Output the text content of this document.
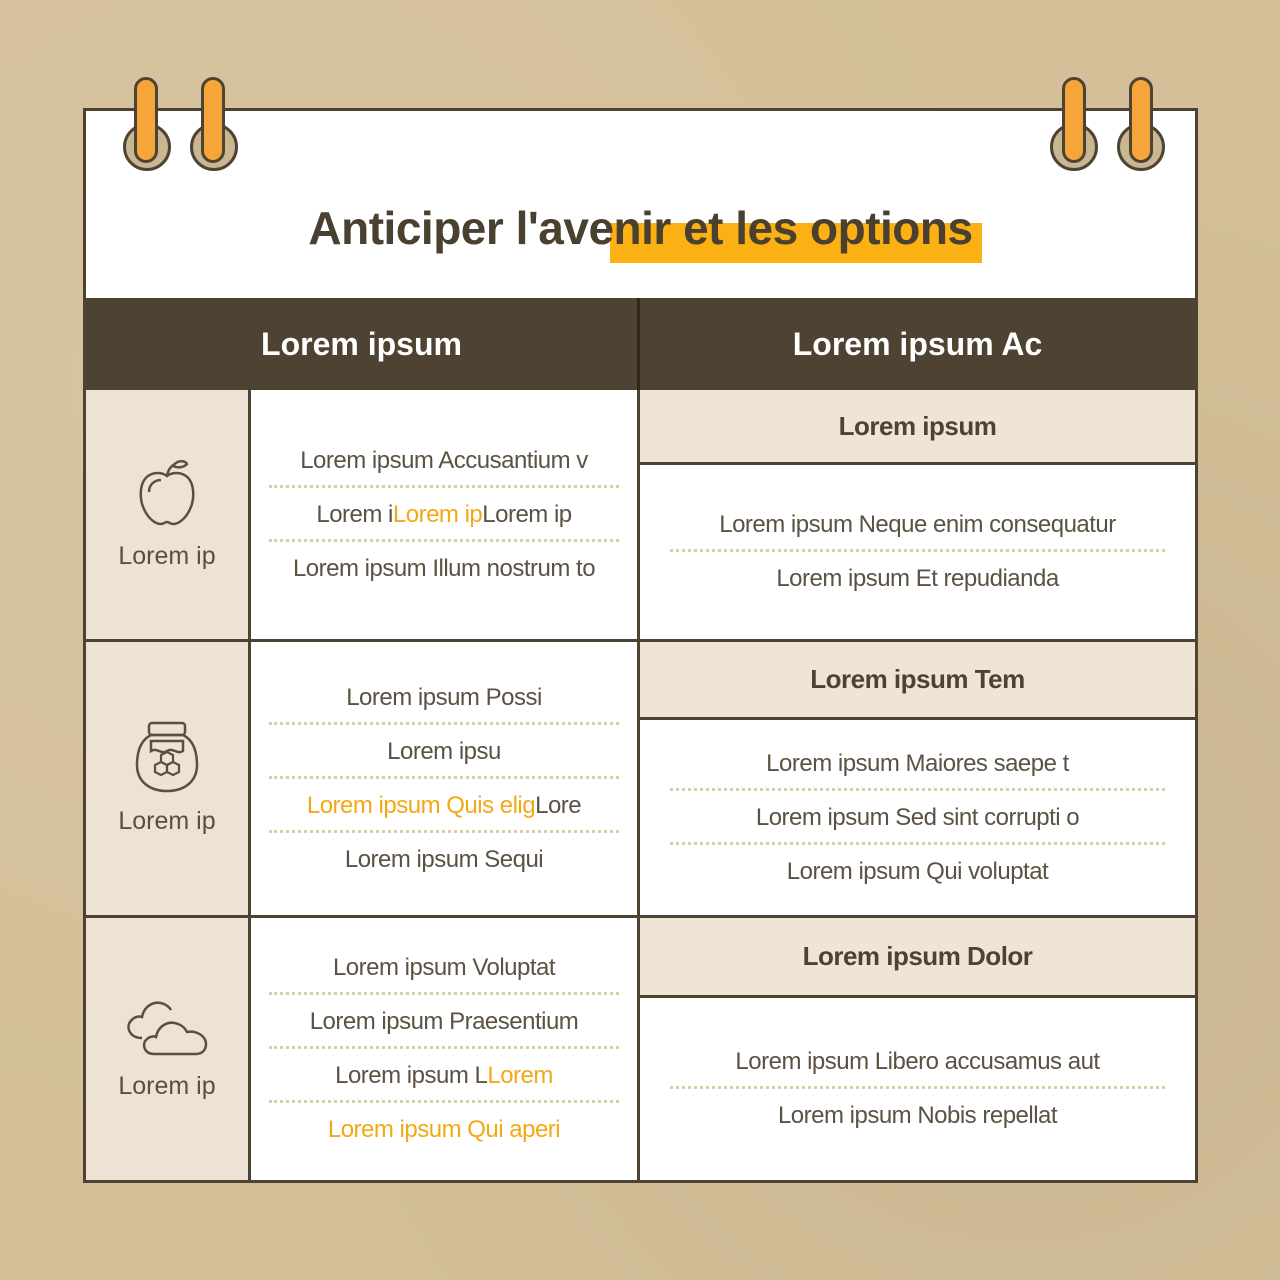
Anticiper l'avenir et les options
Lorem ipsum	Lorem ipsum Ac
Lorem ip
Lorem ipsum Accusantium v
Lorem iLorem ipLorem ip
Lorem ipsum Illum nostrum to
Lorem ipsum
Lorem ipsum Neque enim consequatur
Lorem ipsum Et repudianda
Lorem ip
Lorem ipsum Possi
Lorem ipsu
Lorem ipsum Quis eligLore
Lorem ipsum Sequi
Lorem ipsum Tem
Lorem ipsum Maiores saepe t
Lorem ipsum Sed sint corrupti o
Lorem ipsum Qui voluptat
Lorem ip
Lorem ipsum Voluptat
Lorem ipsum Praesentium
Lorem ipsum LLorem
Lorem ipsum Qui aperi
Lorem ipsum Dolor
Lorem ipsum Libero accusamus aut
Lorem ipsum Nobis repellat
